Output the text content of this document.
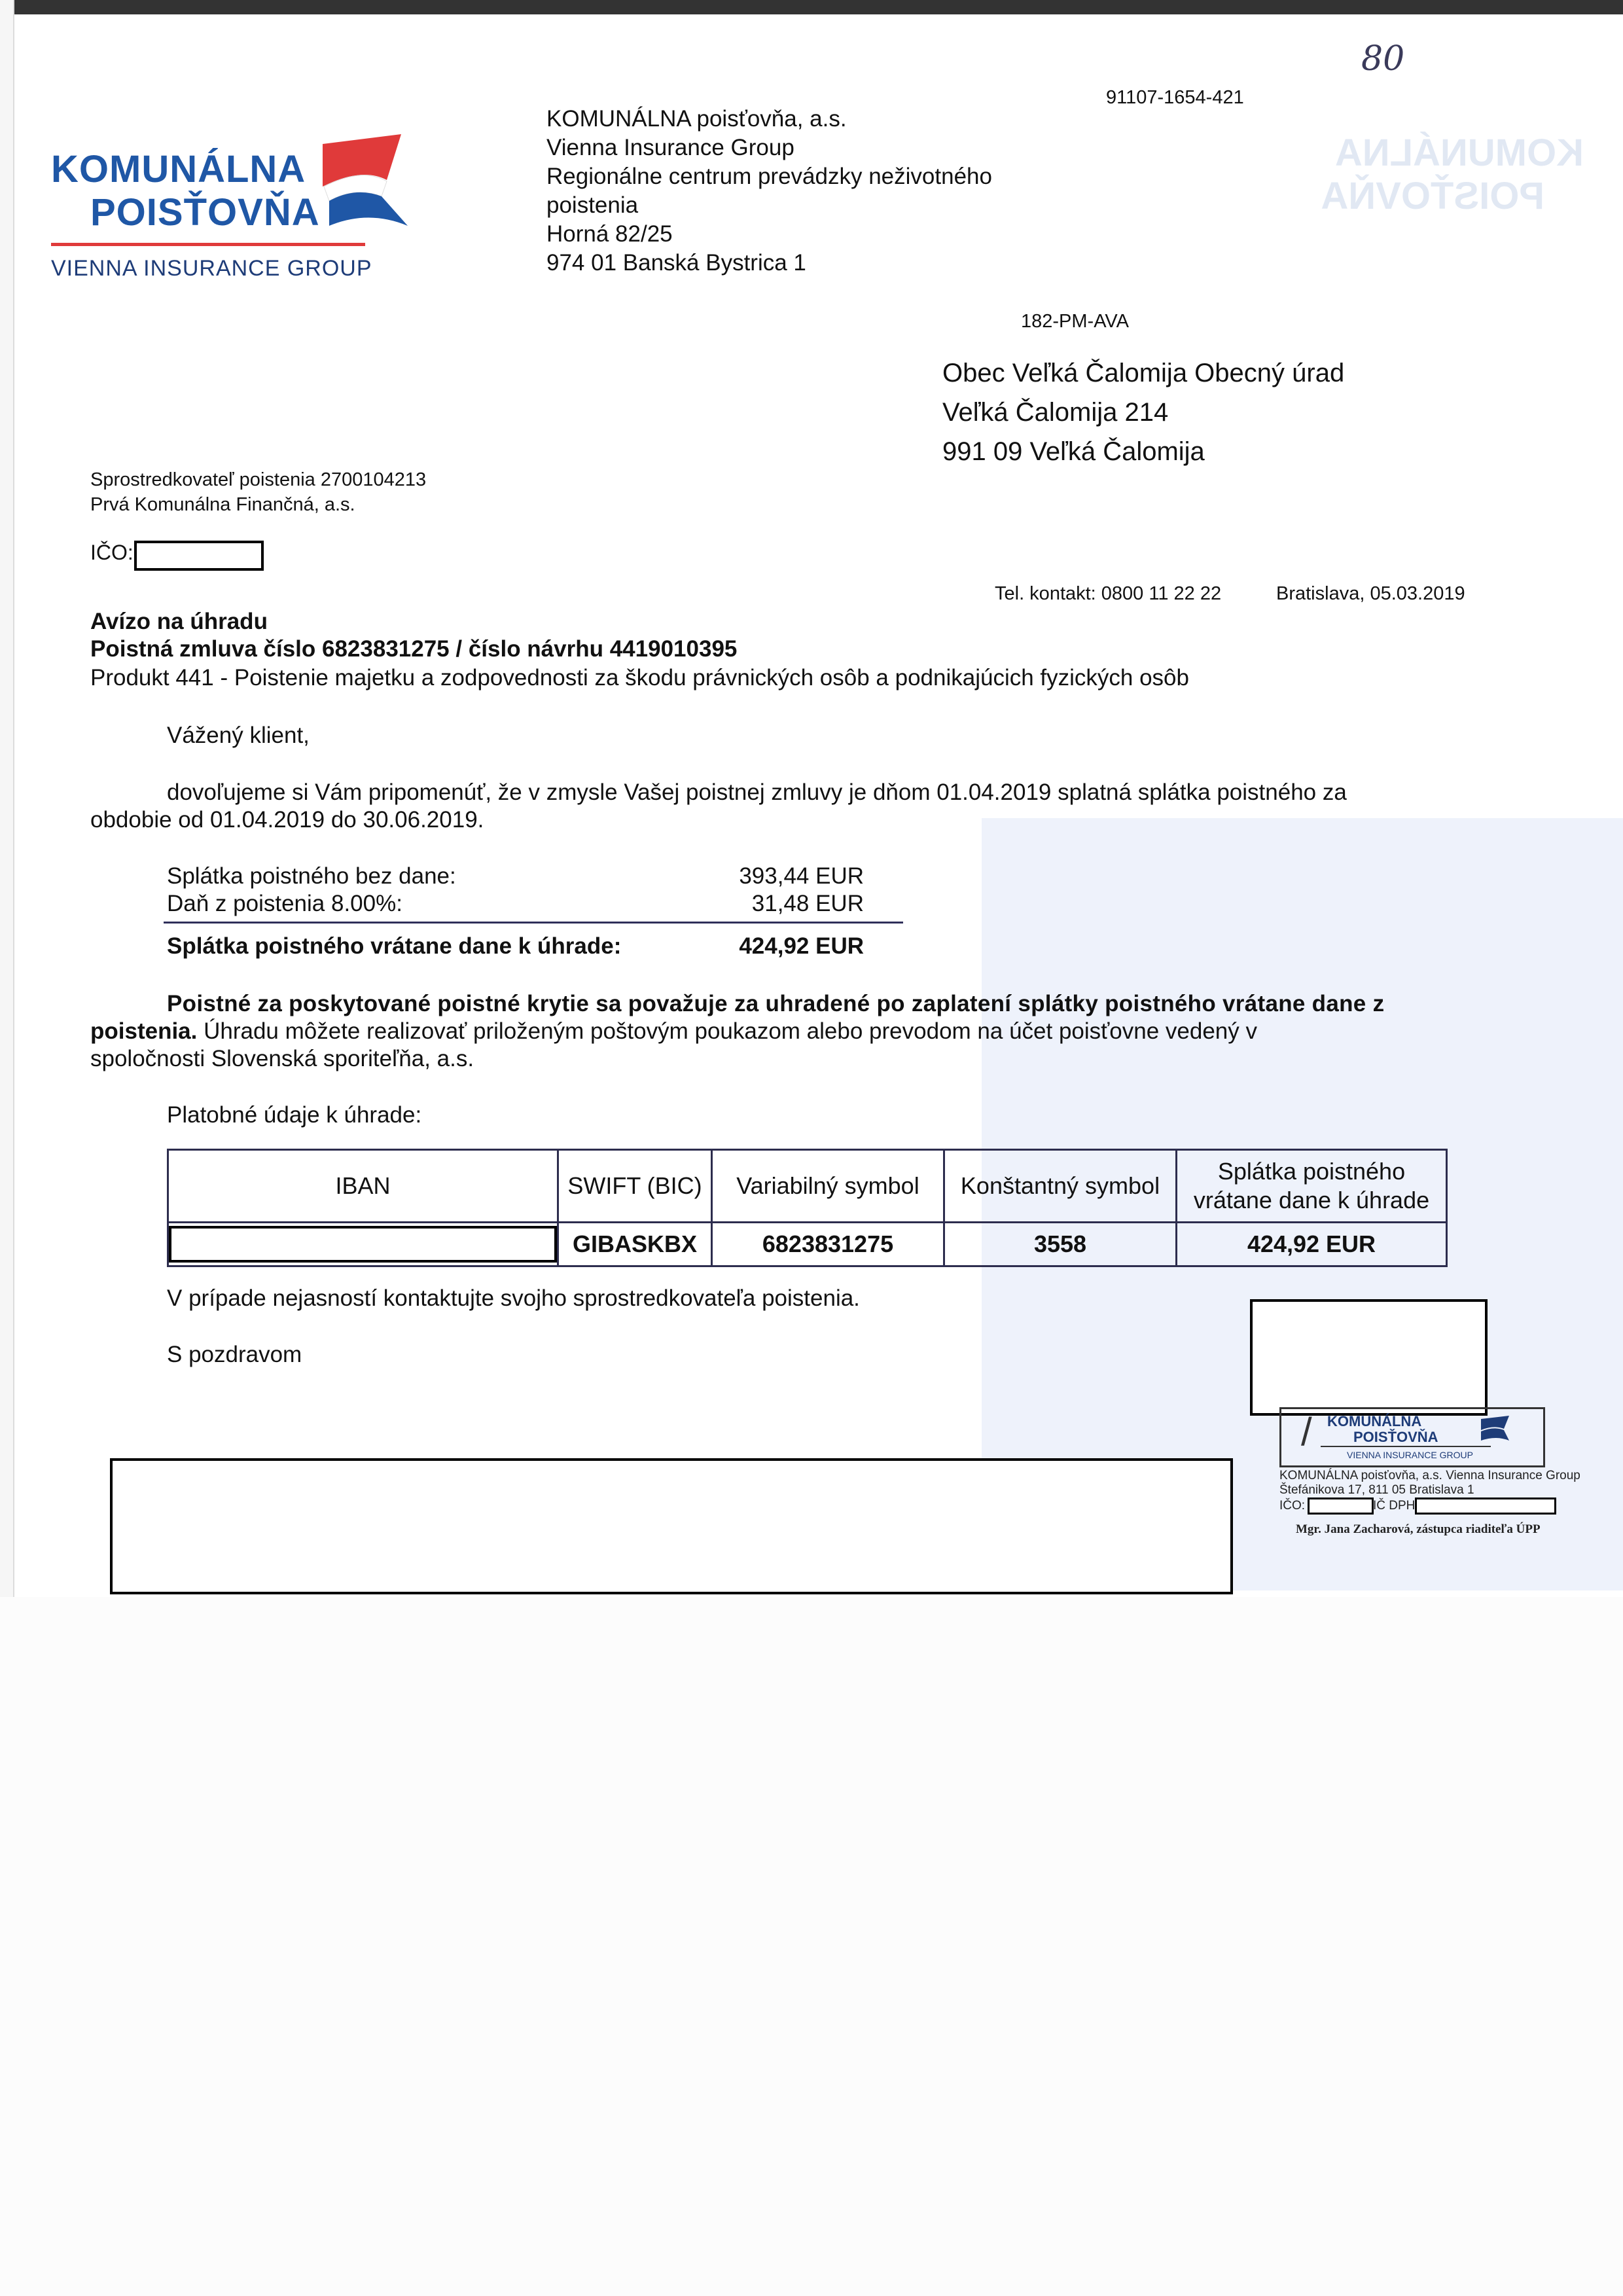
KOMUNÁLNA
POISŤOVŇA
KOMUNÁLNA
POISŤOVŇA
VIENNA INSURANCE GROUP
KOMUNÁLNA poisťovňa, a.s.
Vienna Insurance Group
Regionálne centrum prevádzky neživotného
poistenia
Horná 82/25
974 01 Banská Bystrica 1
91107-1654-421
80
182-PM-AVA
Obec Veľká Čalomija Obecný úrad
Veľká Čalomija 214
991 09 Veľká Čalomija
Sprostredkovateľ poistenia 2700104213
Prvá Komunálna Finančná, a.s.
IČO:
Tel. kontakt: 0800 11 22 22	Bratislava, 05.03.2019
Avízo na úhradu
Poistná zmluva číslo 6823831275 / číslo návrhu 4419010395
Produkt 441 - Poistenie majetku a zodpovednosti za škodu právnických osôb a podnikajúcich fyzických osôb
Vážený klient,
dovoľujeme si Vám pripomenúť, že v zmysle Vašej poistnej zmluvy je dňom 01.04.2019 splatná splátka poistného za
obdobie od 01.04.2019 do 30.06.2019.
Splátka poistného bez dane:	393,44 EUR
Daň z poistenia 8.00%:	31,48 EUR
Splátka poistného vrátane dane k úhrade:	424,92 EUR
Poistné za poskytované poistné krytie sa považuje za uhradené po zaplatení splátky poistného vrátane dane z
poistenia. Úhradu môžete realizovať priloženým poštovým poukazom alebo prevodom na účet poisťovne vedený v
spoločnosti Slovenská sporiteľňa, a.s.
Platobné údaje k úhrade:
IBAN	SWIFT (BIC)	Variabilný symbol	Konštantný symbol	Splátka poistného
vrátane dane k úhrade

	GIBASKBX	6823831275	3558	424,92 EUR
V prípade nejasností kontaktujte svojho sprostredkovateľa poistenia.
S pozdravom
/ KOMUNÁLNA
POISŤOVŇA
VIENNA INSURANCE GROUP
KOMUNÁLNA poisťovňa, a.s. Vienna Insurance Group
Štefánikova 17, 811 05 Bratislava 1
IČO:	IČ DPH
Mgr. Jana Zacharová, zástupca riaditeľa ÚPP
